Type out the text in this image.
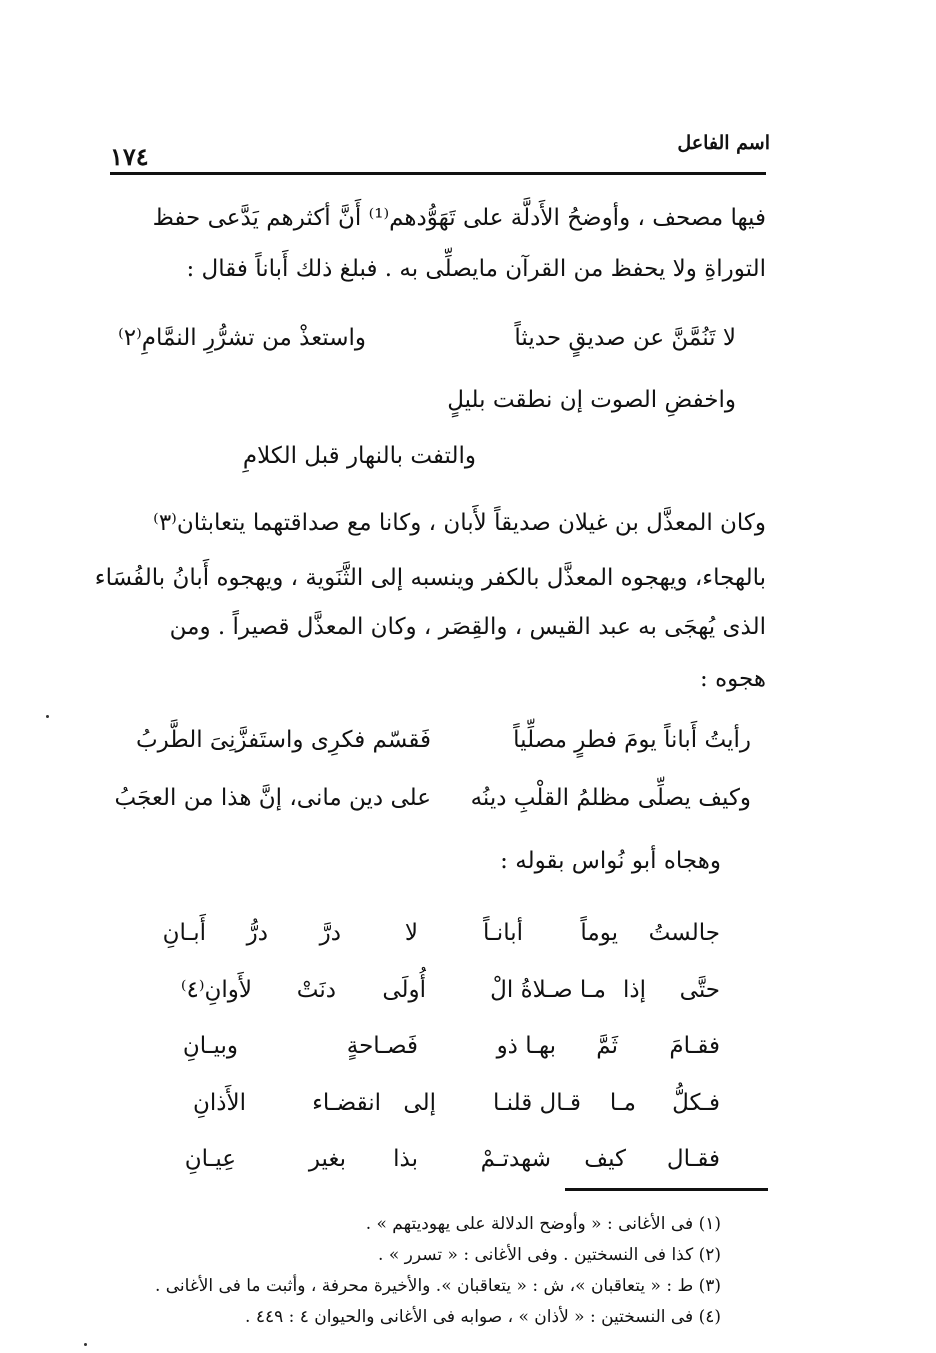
اسم الفاعل
١٧٤
فيها مصحف ، وأوضحُ الأَدلَّة على تَهَوُّدهم⁽¹⁾ أَنَّ أكثرهم يَدَّعى حفظ
التوراةِ ولا يحفظ من القرآن مايصلِّى به . فبلغ ذلك أَباناً فقال :
لا تَنُمَّنَّ عن صديقٍ حديثاً
واستعذْ من تشرُّرِ النمَّامِ⁽٢⁾
واخفضِ الصوت إن نطقت بليلٍ
والتفت بالنهار قبل الكلامِ
وكان المعذَّل بن غيلان صديقاً لأَبان ، وكانا مع صداقتهما يتعابثان⁽٣⁾
بالهجاء، ويهجوه المعذَّل بالكفر وينسبه إلى الثَّنَوية ، ويهجوه أَبانُ بالفُسَاء
الذى يُهجَى به عبد القيس ، والقِصَر ، وكان المعذَّل قصيراً . ومن
هجوه :
رأيتُ أَباناً يومَ فطرٍ مصلِّياً
فَقسّم فكرِى واستَفزَّنِىَ الطَّربُ
وكيف يصلِّى مظلمُ القلْبِ دينُه
على دين مانى، إنَّ هذا من العجَبُ
وهجاه أبو نُواس بقوله :
جالستُ
يوماً
أبانـاً
لا
درَّ
درُّ
أَبـانِ
حتَّى
إذا
مـا صـلاةُ الْ
أُولَى
دنَتْ
لأَوانِ⁽٤⁾
فقـامَ
ثَمَّ
بهـا ذو
فَصـاحةٍ
وبيـانِ
فـكلُّ
مـا
قـال قلنـا
إلى
انقضـاء
الأَذانِ
فقـال
كيف
شهدتـمْ
بذا
بغير
عِيـانِ
(١) فى الأغانى : « وأوضح الدلالة على يهوديتهم » .
(٢) كذا فى النسختين . وفى الأغانى : « تسرر » .
(٣) ط : « يتعاقبان »، ش : « يتعاقبان ». والأخيرة محرفة ، وأثبت ما فى الأغانى .
(٤) فى النسختين : « لأذان » ، صوابه فى الأغانى والحيوان ٤ : ٤٤٩ .
